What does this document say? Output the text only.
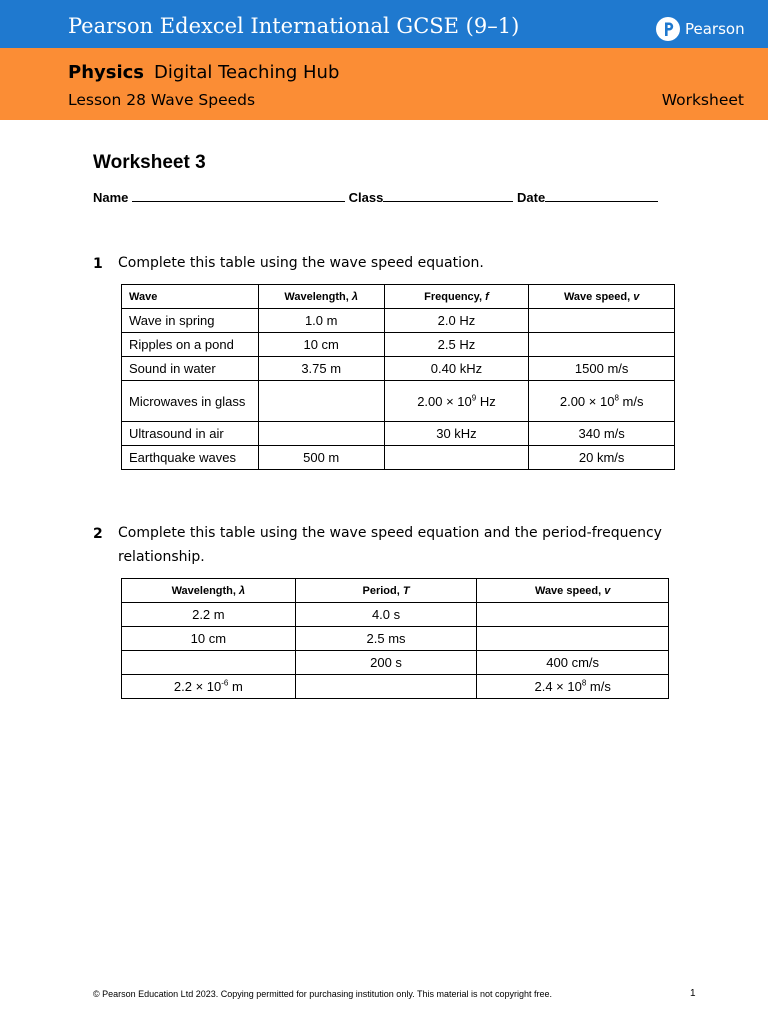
Pearson Edexcel International GCSE (9–1)	Pearson
Physics Digital Teaching Hub
Lesson 28 Wave Speeds	Worksheet
Worksheet 3
Name	Class	Date
1 Complete this table using the wave speed equation.
Wave	Wavelength, λ	Frequency, f	Wave speed, v
Wave in spring	1.0 m	2.0 Hz	
Ripples on a pond	10 cm	2.5 Hz	
Sound in water	3.75 m	0.40 kHz	1500 m/s
Microwaves in glass		$2.00 \times 10^9$ Hz	$2.00 \times 10^8$ m/s
Ultrasound in air		30 kHz	340 m/s
Earthquake waves	500 m		20 km/s
2 Complete this table using the wave speed equation and the period-frequency relationship.
Wavelength, λ	Period, T	Wave speed, v
2.2 m	4.0 s	
10 cm	2.5 ms	
	200 s	400 cm/s
$2.2 \times 10^{-6}$ m		$2.4 \times 10^8$ m/s
© Pearson Education Ltd 2023. Copying permitted for purchasing institution only. This material is not copyright free.	1
